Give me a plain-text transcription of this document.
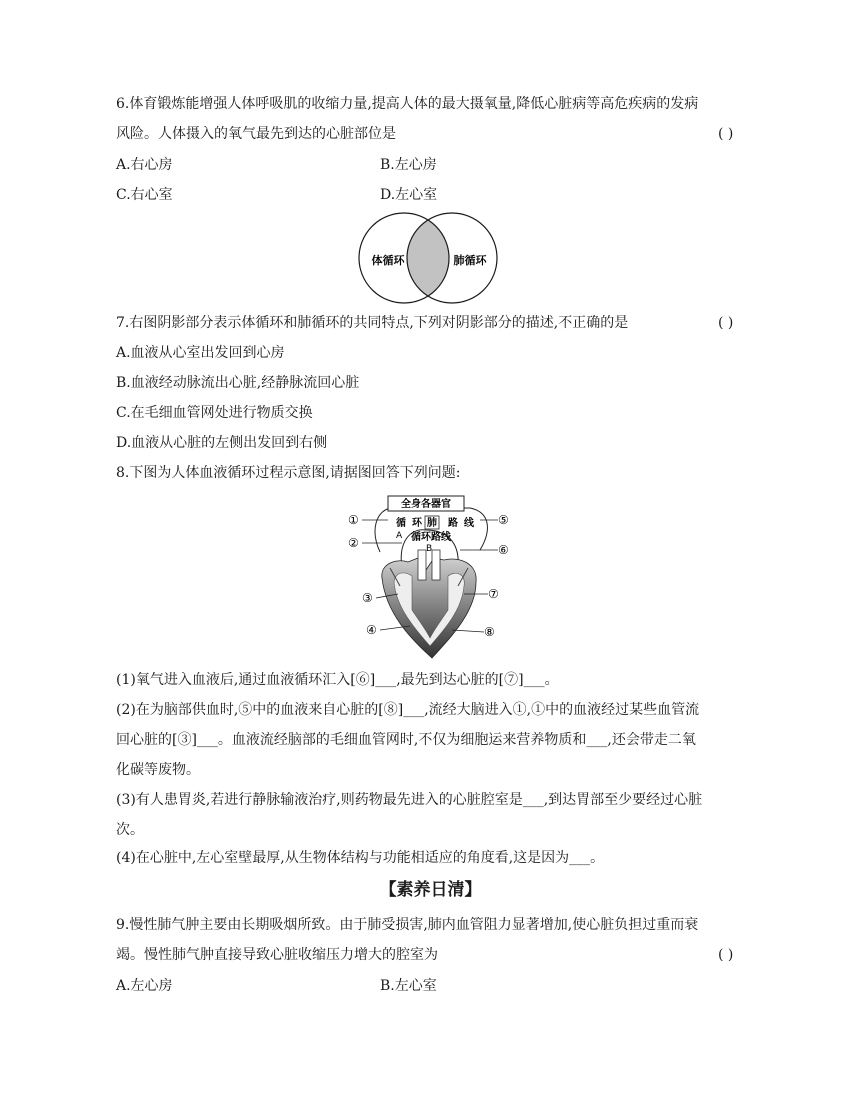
6.体育锻炼能增强人体呼吸肌的收缩力量,提高人体的最大摄氧量,降低心脏病等高危疾病的发病
风险。人体摄入的氧气最先到达的心脏部位是	( )
A.右心房	B.左心房
C.右心室	D.左心室
体循环	肺循环
7.右图阴影部分表示体循环和肺循环的共同特点,下列对阴影部分的描述,不正确的是	( )
A.血液从心室出发回到心房
B.血液经动脉流出心脏,经静脉流回心脏
C.在毛细血管网处进行物质交换
D.血液从心脏的左侧出发回到右侧
8.下图为人体血液循环过程示意图,请据图回答下列问题:
全身各器官
循 环 肺 路 线
A 循环路线
B
①
②
③
④
⑤
⑥
⑦
⑧
(1)氧气进入血液后,通过血液循环汇入[⑥]___,最先到达心脏的[⑦]___。
(2)在为脑部供血时,⑤中的血液来自心脏的[⑧]___,流经大脑进入①,①中的血液经过某些血管流
回心脏的[③]___。血液流经脑部的毛细血管网时,不仅为细胞运来营养物质和___,还会带走二氧
化碳等废物。
(3)有人患胃炎,若进行静脉输液治疗,则药物最先进入的心脏腔室是___,到达胃部至少要经过心脏
次。
(4)在心脏中,左心室壁最厚,从生物体结构与功能相适应的角度看,这是因为___。
【素养日清】
9.慢性肺气肿主要由长期吸烟所致。由于肺受损害,肺内血管阻力显著增加,使心脏负担过重而衰
竭。慢性肺气肿直接导致心脏收缩压力增大的腔室为	( )
A.左心房	B.左心室
